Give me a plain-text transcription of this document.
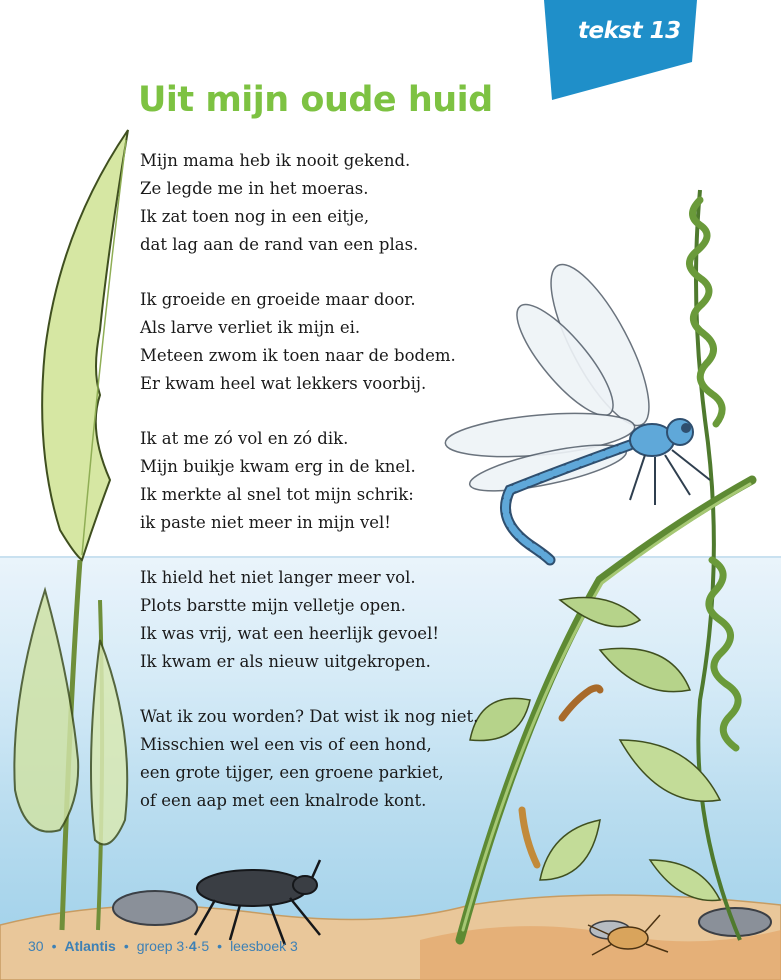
tekst 13
Uit mijn oude huid
Mijn mama heb ik nooit gekend.
Ze legde me in het moeras.
Ik zat toen nog in een eitje,
dat lag aan de rand van een plas.
Ik groeide en groeide maar door.
Als larve verliet ik mijn ei.
Meteen zwom ik toen naar de bodem.
Er kwam heel wat lekkers voorbij.
Ik at me zó vol en zó dik.
Mijn buikje kwam erg in de knel.
Ik merkte al snel tot mijn schrik:
ik paste niet meer in mijn vel!
Ik hield het niet langer meer vol.
Plots barstte mijn velletje open.
Ik was vrij, wat een heerlijk gevoel!
Ik kwam er als nieuw uitgekropen.
Wat ik zou worden? Dat wist ik nog niet.
Misschien wel een vis of een hond,
een grote tijger, een groene parkiet,
of een aap met een knalrode kont.
30 • Atlantis • groep 3·4·5 • leesboek 3
